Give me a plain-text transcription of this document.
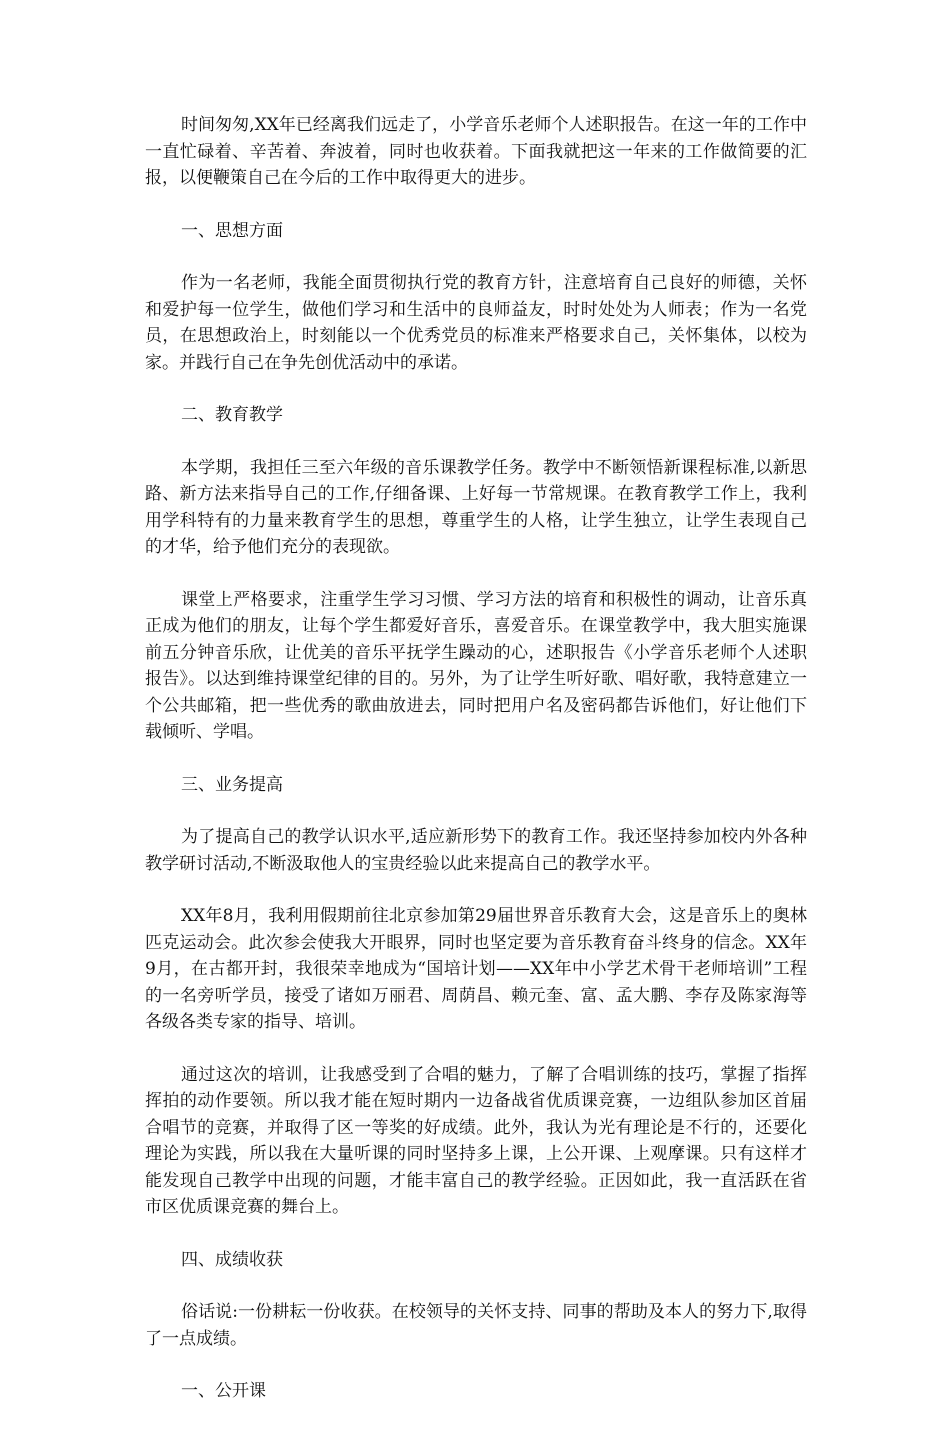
时间匆匆,XX年已经离我们远走了，小学音乐老师个人述职报告。在这一年的工作中一直忙碌着、辛苦着、奔波着，同时也收获着。下面我就把这一年来的工作做简要的汇报，以便鞭策自己在今后的工作中取得更大的进步。

一、思想方面

作为一名老师，我能全面贯彻执行党的教育方针，注意培育自己良好的师德，关怀和爱护每一位学生，做他们学习和生活中的良师益友，时时处处为人师表；作为一名党员，在思想政治上，时刻能以一个优秀党员的标准来严格要求自己，关怀集体，以校为家。并践行自己在争先创优活动中的承诺。

二、教育教学

本学期，我担任三至六年级的音乐课教学任务。教学中不断领悟新课程标准,以新思路、新方法来指导自己的工作,仔细备课、上好每一节常规课。在教育教学工作上，我利用学科特有的力量来教育学生的思想，尊重学生的人格，让学生独立，让学生表现自己的才华，给予他们充分的表现欲。

课堂上严格要求，注重学生学习习惯、学习方法的培育和积极性的调动，让音乐真正成为他们的朋友，让每个学生都爱好音乐，喜爱音乐。在课堂教学中，我大胆实施课前五分钟音乐欣，让优美的音乐平抚学生躁动的心，述职报告《小学音乐老师个人述职报告》。以达到维持课堂纪律的目的。另外，为了让学生听好歌、唱好歌，我特意建立一个公共邮箱，把一些优秀的歌曲放进去，同时把用户名及密码都告诉他们，好让他们下载倾听、学唱。

三、业务提高

为了提高自己的教学认识水平,适应新形势下的教育工作。我还坚持参加校内外各种教学研讨活动,不断汲取他人的宝贵经验以此来提高自己的教学水平。

XX年8月，我利用假期前往北京参加第29届世界音乐教育大会，这是音乐上的奥林匹克运动会。此次参会使我大开眼界，同时也坚定要为音乐教育奋斗终身的信念。XX年9月，在古都开封，我很荣幸地成为“国培计划——XX年中小学艺术骨干老师培训”工程的一名旁听学员，接受了诸如万丽君、周荫昌、赖元奎、富、孟大鹏、李存及陈家海等各级各类专家的指导、培训。

通过这次的培训，让我感受到了合唱的魅力，了解了合唱训练的技巧，掌握了指挥挥拍的动作要领。所以我才能在短时期内一边备战省优质课竞赛，一边组队参加区首届合唱节的竞赛，并取得了区一等奖的好成绩。此外，我认为光有理论是不行的，还要化理论为实践，所以我在大量听课的同时坚持多上课，上公开课、上观摩课。只有这样才能发现自己教学中出现的问题，才能丰富自己的教学经验。正因如此，我一直活跃在省市区优质课竞赛的舞台上。

四、成绩收获

俗话说:一份耕耘一份收获。在校领导的关怀支持、同事的帮助及本人的努力下,取得了一点成绩。

一、公开课
